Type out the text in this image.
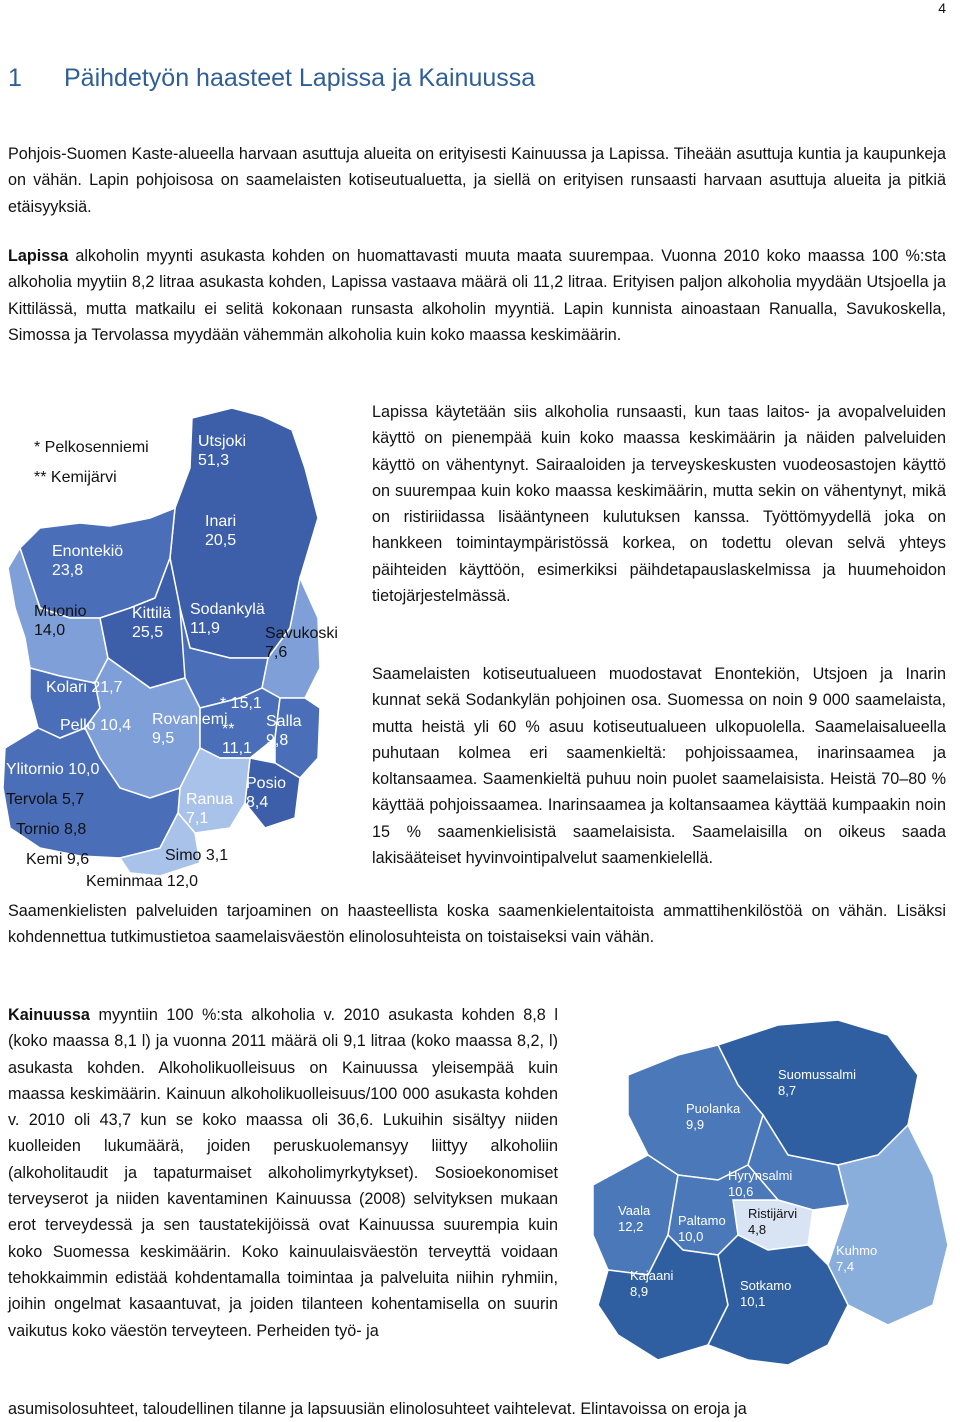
4
1 Päihdetyön haasteet Lapissa ja Kainuussa

Pohjois-Suomen Kaste-alueella harvaan asuttuja alueita on erityisesti Kainuussa ja Lapissa. Tiheään asuttuja kuntia ja kaupunkeja on vähän. Lapin pohjoisosa on saamelaisten kotiseutualuetta, ja siellä on erityisen runsaasti harvaan asuttuja alueita ja pitkiä etäisyyksiä.

Lapissa alkoholin myynti asukasta kohden on huomattavasti muuta maata suurempaa. Vuonna 2010 koko maassa 100 %:sta alkoholia myytiin 8,2 litraa asukasta kohden, Lapissa vastaava määrä oli 11,2 litraa. Erityisen paljon alkoholia myydään Utsjoella ja Kittilässä, mutta matkailu ei selitä kokonaan runsasta alkoholin myyntiä. Lapin kunnista ainoastaan Ranualla, Savukoskella, Simossa ja Tervolassa myydään vähemmän alkoholia kuin koko maassa keskimäärin.

Utsjoki 51,3
Inari 20,5
Enontekiö 23,8
Muonio 14,0
Kittilä 25,5
Sodankylä 11,9	Savukoski 7,6
Kolari 21,7
Pello 10,4 Rovaniemi 9,5
* 15,1
** 11,1
Salla 9,8
Ylitornio 10,0
Posio 8,4
Tervola 5,7	Ranua 7,1
Tornio 8,8
Kemi 9,6	Simo 3,1
Keminmaa 12,0
* Pelkosenniemi
** Kemijärvi

Lapissa käytetään siis alkoholia runsaasti, kun taas laitos- ja avopalveluiden käyttö on pienempää kuin koko maassa keskimäärin ja näiden palveluiden käyttö on vähentynyt. Sairaaloiden ja terveyskeskusten vuodeosastojen käyttö on suurempaa kuin koko maassa keskimäärin, mutta sekin on vähentynyt, mikä on ristiriidassa lisääntyneen kulutuksen kanssa. Työttömyydellä joka on hankkeen toimintaympäristössä korkea, on todettu olevan selvä yhteys päihteiden käyttöön, esimerkiksi päihdetapauslaskelmissa ja huumehoidon tietojärjestelmässä.

Saamelaisten kotiseutualueen muodostavat Enontekiön, Utsjoen ja Inarin kunnat sekä Sodankylän pohjoinen osa. Suomessa on noin 9 000 saamelaista, mutta heistä yli 60 % asuu kotiseutualueen ulkopuolella. Saamelaisalueella puhutaan kolmea eri saamenkieltä: pohjoissaamea, inarinsaamea ja koltansaamea. Saamenkieltä puhuu noin puolet saamelaisista. Heistä 70–80 % käyttää pohjoissaamea. Inarinsaamea ja koltansaamea käyttää kumpaakin noin 15 % saamenkielisistä saamelaisista. Saamelaisilla on oikeus saada lakisääteiset hyvinvointipalvelut saamenkielellä.

Saamenkielisten palveluiden tarjoaminen on haasteellista koska saamenkielentaitoista ammattihenkilöstöä on vähän. Lisäksi kohdennettua tutkimustietoa saamelaisväestön elinolosuhteista on toistaiseksi vain vähän.

Kainuussa myyntiin 100 %:sta alkoholia v. 2010 asukasta kohden 8,8 l (koko maassa 8,1 l) ja vuonna 2011 määrä oli 9,1 litraa (koko maassa 8,2, l) asukasta kohden. Alkoholikuolleisuus on Kainuussa yleisempää kuin maassa keskimäärin. Kainuun alkoholikuolleisuus/100 000 asukasta kohden v. 2010 oli 43,7 kun se koko maassa oli 36,6. Lukuihin sisältyy niiden kuolleiden lukumäärä, joiden peruskuolemansyy liittyy alkoholiin (alkoholitaudit ja tapaturmaiset alkoholimyrkytykset). Sosioekonomiset terveyserot ja niiden kaventaminen Kainuussa (2008) selvityksen mukaan erot terveydessä ja sen taustatekijöissä ovat Kainuussa suurempia kuin koko Suomessa keskimäärin. Koko kainuulaisväestön terveyttä voidaan tehokkaimmin edistää kohdentamalla toimintaa ja palveluita niihin ryhmiin, joihin ongelmat kasaantuvat, ja joiden tilanteen kohentamisella on suurin vaikutus koko väestön terveyteen. Perheiden työ- ja

Suomussalmi 8,7
Puolanka 9,9
Hyrynsalmi 10,6
Ristijärvi 4,8
Vaala 12,2	Paltamo 10,0
Kuhmo 7,4
Kajaani 8,9	Sotkamo 10,1

asumisolosuhteet, taloudellinen tilanne ja lapsuusiän elinolosuhteet vaihtelevat. Elintavoissa on eroja ja
